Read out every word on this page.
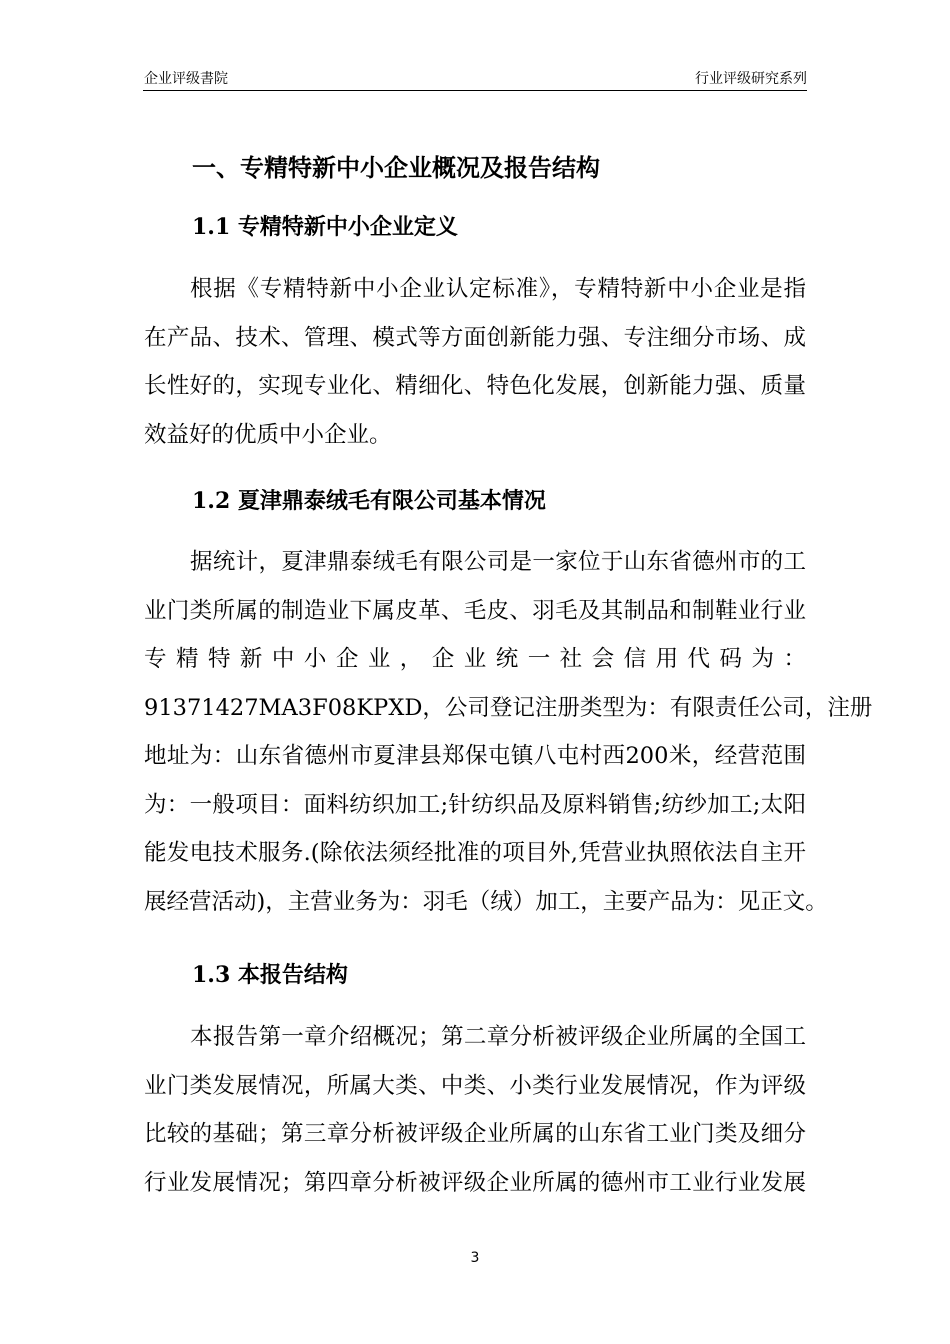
企业评级書院	行业评级研究系列
一、专精特新中小企业概况及报告结构
1.1 专精特新中小企业定义
1.2 夏津鼎泰绒毛有限公司基本情况
1.3 本报告结构
根据《专精特新中小企业认定标准》，专精特新中小企业是指
在产品、技术、管理、模式等方面创新能力强、专注细分市场、成
长性好的，实现专业化、精细化、特色化发展，创新能力强、质量
效益好的优质中小企业。
据统计，夏津鼎泰绒毛有限公司是一家位于山东省德州市的工
业门类所属的制造业下属皮革、毛皮、羽毛及其制品和制鞋业行业
专精特新中小企业，企业统一社会信用代码为：
91371427MA3F08KPXD，公司登记注册类型为：有限责任公司，注册
地址为：山东省德州市夏津县郑保屯镇八屯村西200米，经营范围
为：一般项目：面料纺织加工;针纺织品及原料销售;纺纱加工;太阳
能发电技术服务.(除依法须经批准的项目外,凭营业执照依法自主开
展经营活动)，主营业务为：羽毛（绒）加工，主要产品为：见正文。
本报告第一章介绍概况；第二章分析被评级企业所属的全国工
业门类发展情况，所属大类、中类、小类行业发展情况，作为评级
比较的基础；第三章分析被评级企业所属的山东省工业门类及细分
行业发展情况；第四章分析被评级企业所属的德州市工业行业发展
3
